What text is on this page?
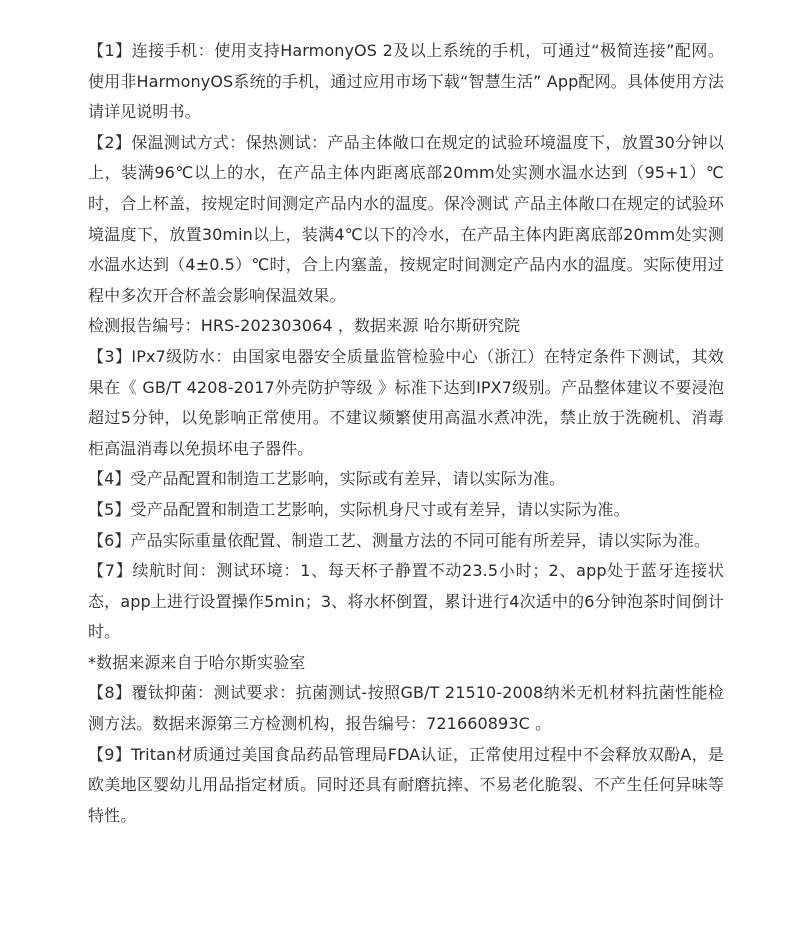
【1】连接手机：使用支持HarmonyOS 2及以上系统的手机，可通过“极简连接”配网。使用非HarmonyOS系统的手机，通过应用市场下载“智慧生活” App配网。具体使用方法请详见说明书。

【2】保温测试方式：保热测试：产品主体敞口在规定的试验环境温度下，放置30分钟以上，装满96℃以上的水，在产品主体内距离底部20mm处实测水温水达到（95+1）℃时，合上杯盖，按规定时间测定产品内水的温度。保冷测试 产品主体敞口在规定的试验环境温度下，放置30min以上，装满4℃以下的冷水，在产品主体内距离底部20mm处实测水温水达到（4±0.5）℃时，合上内塞盖，按规定时间测定产品内水的温度。实际使用过程中多次开合杯盖会影响保温效果。

检测报告编号：HRS-202303064 ，数据来源 哈尔斯研究院

【3】IPx7级防水：由国家电器安全质量监管检验中心（浙江）在特定条件下测试，其效果在《 GB/T 4208-2017外壳防护等级 》标准下达到IPX7级别。产品整体建议不要浸泡超过5分钟，以免影响正常使用。不建议频繁使用高温水煮冲洗，禁止放于洗碗机、消毒柜高温消毒以免损坏电子器件。

【4】受产品配置和制造工艺影响，实际或有差异，请以实际为准。

【5】受产品配置和制造工艺影响，实际机身尺寸或有差异，请以实际为准。

【6】产品实际重量依配置、制造工艺、测量方法的不同可能有所差异，请以实际为准。

【7】续航时间：测试环境：1、每天杯子静置不动23.5小时；2、app处于蓝牙连接状态，app上进行设置操作5min；3、将水杯倒置，累计进行4次适中的6分钟泡茶时间倒计时。

*数据来源来自于哈尔斯实验室

【8】覆钛抑菌：测试要求：抗菌测试-按照GB/T 21510-2008纳米无机材料抗菌性能检测方法。数据来源第三方检测机构，报告编号：721660893C 。

【9】Tritan材质通过美国食品药品管理局FDA认证，正常使用过程中不会释放双酚A，是欧美地区婴幼儿用品指定材质。同时还具有耐磨抗摔、不易老化脆裂、不产生任何异味等特性。
